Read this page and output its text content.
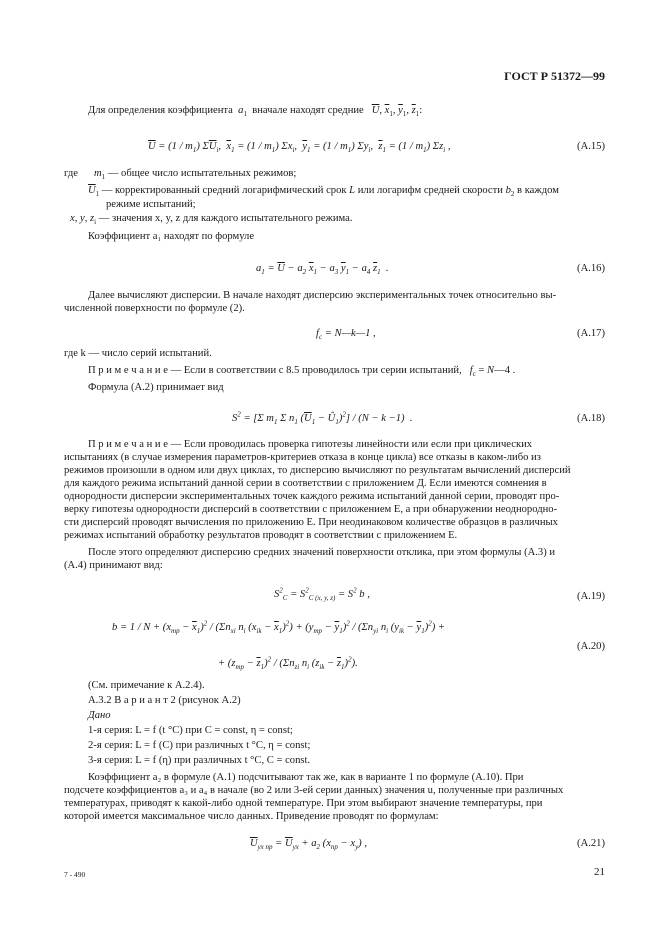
ГОСТ Р 51372—99
Для определения коэффициента  $a_1$ вначале находят средние $\overline{U}$, $\overline{x}_1$, $\overline{y}_1$, $\overline{z}_1$:
$\overline{U} = (1 / m_1)$ $\Sigma\overline{U}_i$,  $\overline{x}_1 = (1 / m_1)$ $\Sigma x_i$,  $\overline{y}_1 = (1 / m_1)$ $\Sigma y_i$,  $\overline{z}_1 = (1 / m_1)$ $\Sigma z_i$ ,	(A.15)
где $m_1$ — общее число испытательных режимов;
$\overline{U}_1$ — корректированный средний логарифмический срок L или логарифм средней скорости $b_2$ в каждом
режиме испытаний;
x, y, $z_i$ — значения x, y, z для каждого испытательного режима.
Коэффициент a₁ находят по формуле
$a_1 = \overline{U} - a_2$ $\overline{x}_1 - a_3$ $\overline{y}_1 - a_4$ $\overline{z}_1$  .	(A.16)
Далее вычисляют дисперсии. В начале находят дисперсию экспериментальных точек относительно вы-
численной поверхности по формуле (2).
$f_c$ = N—k—1 ,	(A.17)
где k — число серий испытаний.
П р и м е ч а н и е — Если в соответствии с 8.5 проводилось три серии испытаний, $f_c$ = N—4 .
Формула (A.2) принимает вид
$S^2 = [\Sigma$ $m_1$ Σ $n_1$ ($\overline{U}_1$ − $Û_1)^2] / (N - k -1)$  .	(A.18)
П р и м е ч а н и е — Если проводилась проверка гипотезы линейности или если при циклических
испытаниях (в случае измерения параметров-критериев отказа в конце цикла) все отказы в каком-либо из
режимов произошли в одном или двух циклах, то дисперсию вычисляют по результатам вычислений дисперсий
для каждого режима испытаний данной серии в соответствии с приложением Д. Если имеются сомнения в
однородности дисперсии экспериментальных точек каждого режима испытаний данной серии, проводят про-
верку гипотезы однородности дисперсий в соответствии с приложением Е, а при обнаружении неоднородно-
сти дисперсий проводят вычисления по приложению Е. При неодинаковом количестве образцов в различных
режимах испытаний обработку результатов проводят в соответствии с приложением Е.
После этого определяют дисперсию средних значений поверхности отклика, при этом формулы (A.3) и
(A.4) принимают вид:
$S^2_C = S^2_{C (x, y, z)} = S^2$ b ,	(A.19)
$b = 1 / N + (x_{тр} - \overline{x}_1)^2 / (\Sigma n_{xi}$ $n_i$ $(x_{ik} - \overline{x}_1)^2) + (y_{тр} - \overline{y}_1)^2 / (\Sigma n_{yi}$ $n_i$ $(y_{ik} - \overline{y}_1)^2$) +
(A.20)
+ $(z_{тр} - \overline{z}_1)^2 / (\Sigma n_{zi}$ $n_i$ $(z_{ik} - \overline{z}_1)^2$).
(См. примечание к A.2.4).
A.3.2 В а р и а н т 2 (рисунок A.2)
Дано
1-я серия: L = f (t °C) при C = const, η = const;
2-я серия: L = f (C) при различных t °C, η = const;
3-я серия: L = f (η) при различных t °C, C = const.
Коэффициент a₂ в формуле (A.1) подсчитывают так же, как в варианте 1 по формуле (A.10). При
подсчете коэффициентов a₃ и a₄ в начале (во 2 или 3-ей серии данных) значения u, полученные при различных
температурах, приводят к какой-либо одной температуре. При этом выбирают значение температуры, при
которой имеется максимальное число данных. Приведение проводят по формулам:
$\overline{U}_{ух пр} = \overline{U}_{ух} + a_2$ $(x_{пр} - x_у)$ ,	(A.21)
7 - 490	21
